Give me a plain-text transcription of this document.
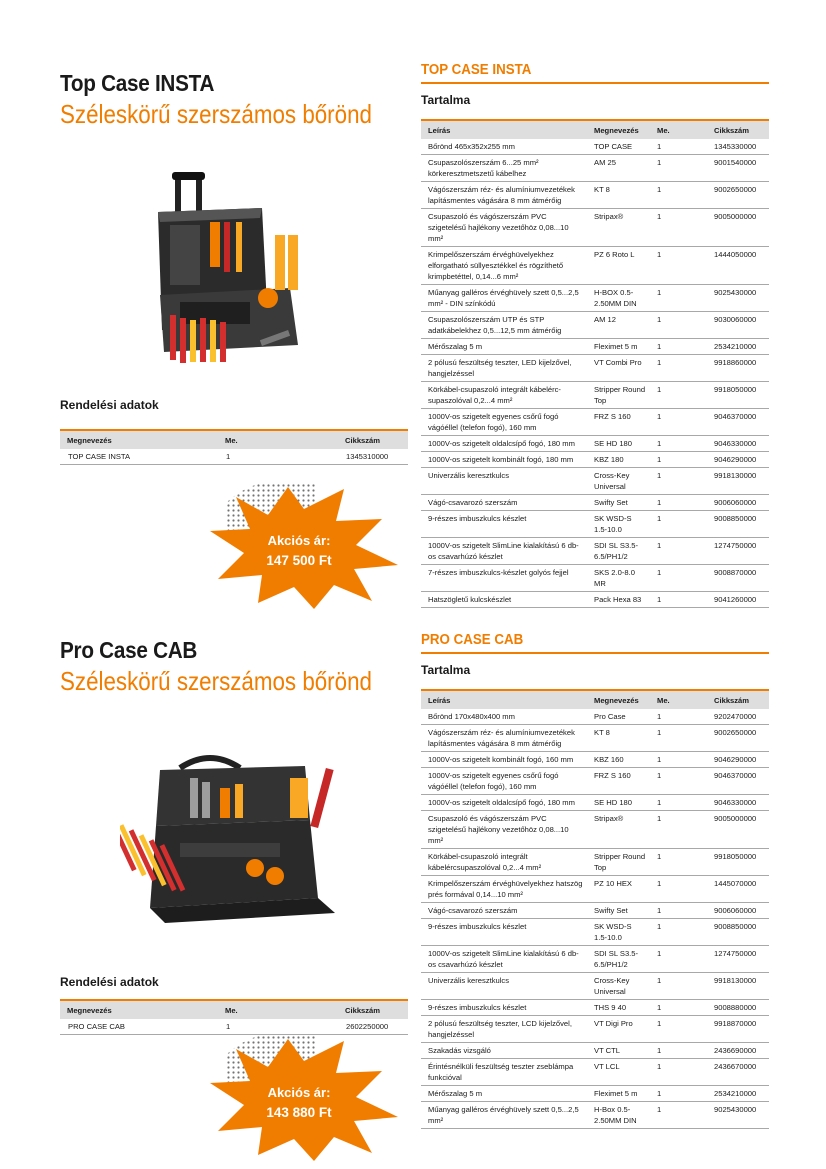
Top Case INSTA
Széleskörű szerszámos bőrönd
Rendelési adatok
Megnevezés	Me.	Cikkszám
TOP CASE INSTA	1	1345310000
Akciós ár:
147 500 Ft
TOP CASE INSTA
Tartalma
Leírás	Megnevezés	Me.	Cikkszám
Bőrönd 465x352x255 mm	TOP CASE	1	1345330000
Csupaszolószerszám 6...25 mm² körkeresztmetszetű kábelhez	AM 25	1	9001540000
Vágószerszám réz- és alumíniumvezetékek lapításmentes vágására 8 mm átmérőig	KT 8	1	9002650000
Csupaszoló és vágószerszám PVC szigetelésű hajlékony vezetőhöz 0,08...10 mm²	Stripax®	1	9005000000
Krimpelőszerszám érvéghüvelyekhez elforgatható süllyesztékkel és rögzíthető krimpbetéttel, 0,14...6 mm²	PZ 6 Roto L	1	1444050000
Műanyag galléros érvéghüvely szett 0,5...2,5 mm² - DIN színkódú	H-BOX 0.5-2.50MM DIN	1	9025430000
Csupaszolószerszám UTP és STP adatkábelekhez 0,5...12,5 mm átmérőig	AM 12	1	9030060000
Mérőszalag 5 m	Fleximet 5 m	1	2534210000
2 pólusú feszültség teszter, LED kijelzővel, hangjelzéssel	VT Combi Pro	1	9918860000
Körkábel-csupaszoló integrált kábelérc-supaszolóval 0,2...4 mm²	Stripper Round Top	1	9918050000
1000V-os szigetelt egyenes csőrű fogó vágóéllel (telefon fogó), 160 mm	FRZ S 160	1	9046370000
1000V-os szigetelt oldalcsípő fogó, 180 mm	SE HD 180	1	9046330000
1000V-os szigetelt kombinált fogó, 180 mm	KBZ 180	1	9046290000
Univerzális keresztkulcs	Cross-Key Universal	1	9918130000
Vágó-csavarozó szerszám	Swifty Set	1	9006060000
9-részes imbuszkulcs készlet	SK WSD-S 1.5-10.0	1	9008850000
1000V-os szigetelt SlimLine kialakítású 6 db-os csavarhúzó készlet	SDI SL S3.5-6.5/PH1/2	1	1274750000
7-részes imbuszkulcs-készlet golyós fejjel	SKS 2.0-8.0 MR	1	9008870000
Hatszögletű kulcskészlet	Pack Hexa 83	1	9041260000
Pro Case CAB
Széleskörű szerszámos bőrönd
Rendelési adatok
Megnevezés	Me.	Cikkszám
PRO CASE CAB	1	2602250000
Akciós ár:
143 880 Ft
PRO CASE CAB
Tartalma
Leírás	Megnevezés	Me.	Cikkszám
Bőrönd 170x480x400 mm	Pro Case	1	9202470000
Vágószerszám réz- és alumíniumvezetékek lapításmentes vágására 8 mm átmérőig	KT 8	1	9002650000
1000V-os szigetelt kombinált fogó, 160 mm	KBZ 160	1	9046290000
1000V-os szigetelt egyenes csőrű fogó vágóéllel (telefon fogó), 160 mm	FRZ S 160	1	9046370000
1000V-os szigetelt oldalcsípő fogó, 180 mm	SE HD 180	1	9046330000
Csupaszoló és vágószerszám PVC szigetelésű hajlékony vezetőhöz 0,08...10 mm²	Stripax®	1	9005000000
Körkábel-csupaszoló integrált kábelércsupaszolóval 0,2...4 mm²	Stripper Round Top	1	9918050000
Krimpelőszerszám érvéghüvelyekhez hatszög prés formával 0,14...10 mm²	PZ 10 HEX	1	1445070000
Vágó-csavarozó szerszám	Swifty Set	1	9006060000
9-részes imbuszkulcs készlet	SK WSD-S 1.5-10.0	1	9008850000
1000V-os szigetelt SlimLine kialakítású 6 db-os csavarhúzó készlet	SDI SL S3.5-6.5/PH1/2	1	1274750000
Univerzális keresztkulcs	Cross-Key Universal	1	9918130000
9-részes imbuszkulcs készlet	THS 9 40	1	9008880000
2 pólusú feszültség teszter, LCD kijelzővel, hangjelzéssel	VT Digi Pro	1	9918870000
Szakadás vizsgáló	VT CTL	1	2436690000
Érintésnélküli feszültség teszter zseblámpa funkcióval	VT LCL	1	2436670000
Mérőszalag 5 m	Fleximet 5 m	1	2534210000
Műanyag galléros érvéghüvely szett 0,5...2,5 mm²	H-Box 0.5-2.50MM DIN	1	9025430000
